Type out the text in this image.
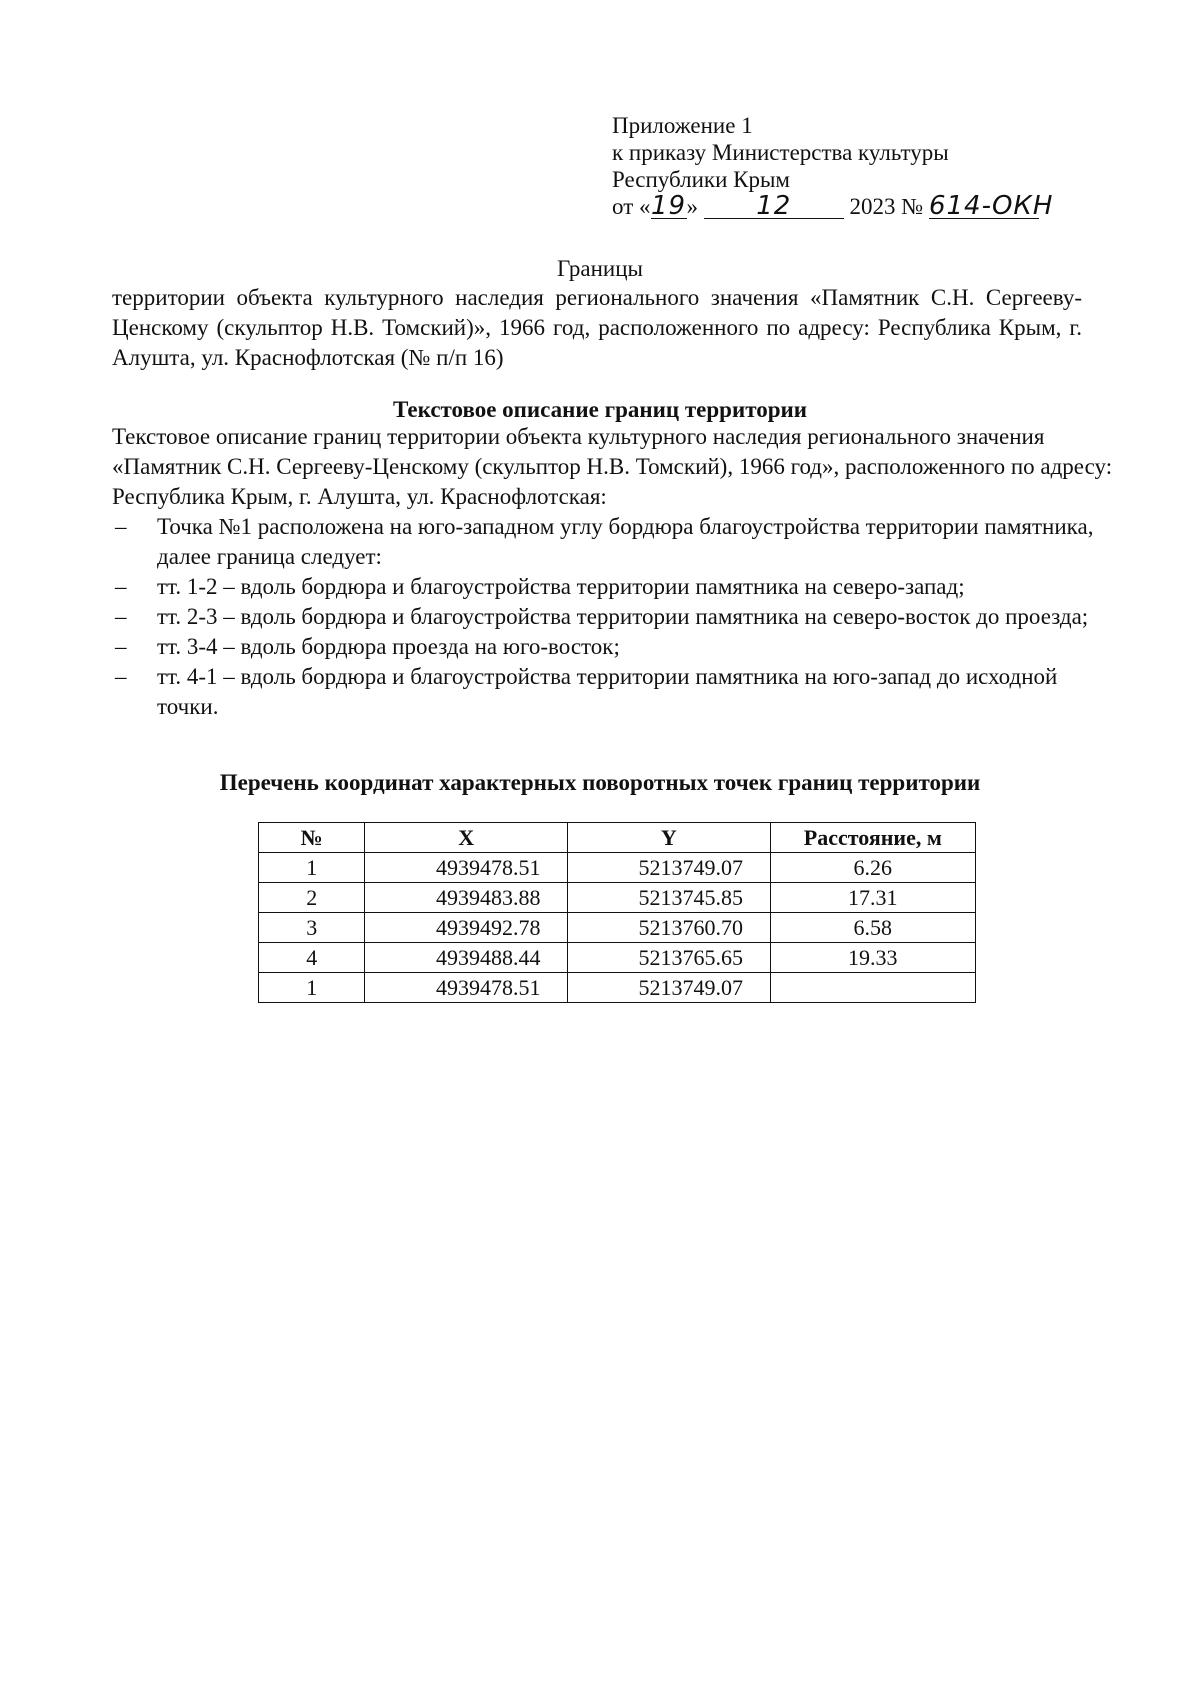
Приложение 1
к приказу Министерства культуры
Республики Крым
от «19» 12	2023 № 614-ОКН
Границы
территории объекта культурного наследия регионального значения «Памятник С.Н. Сергееву-Ценскому (скульптор Н.В. Томский)», 1966 год, расположенного по адресу: Республика Крым, г. Алушта, ул. Краснофлотская (№ п/п 16)
Текстовое описание границ территории

Текстовое описание границ территории объекта культурного наследия регионального значения «Памятник С.Н. Сергееву-Ценскому (скульптор Н.В. Томский), 1966 год», расположенного по адресу: Республика Крым, г. Алушта, ул. Краснофлотская:

– Точка №1 расположена на юго-западном углу бордюра благоустройства территории памятника, далее граница следует:
– тт. 1-2 – вдоль бордюра и благоустройства территории памятника на северо-запад;
– тт. 2-3 – вдоль бордюра и благоустройства территории памятника на северо-восток до проезда;
– тт. 3-4 – вдоль бордюра проезда на юго-восток;
– тт. 4-1 – вдоль бордюра и благоустройства территории памятника на юго-запад до исходной точки.
Перечень координат характерных поворотных точек границ территории
№	X	Y	Расстояние, м
1	4939478.51	5213749.07	6.26
2	4939483.88	5213745.85	17.31
3	4939492.78	5213760.70	6.58
4	4939488.44	5213765.65	19.33
1	4939478.51	5213749.07	
